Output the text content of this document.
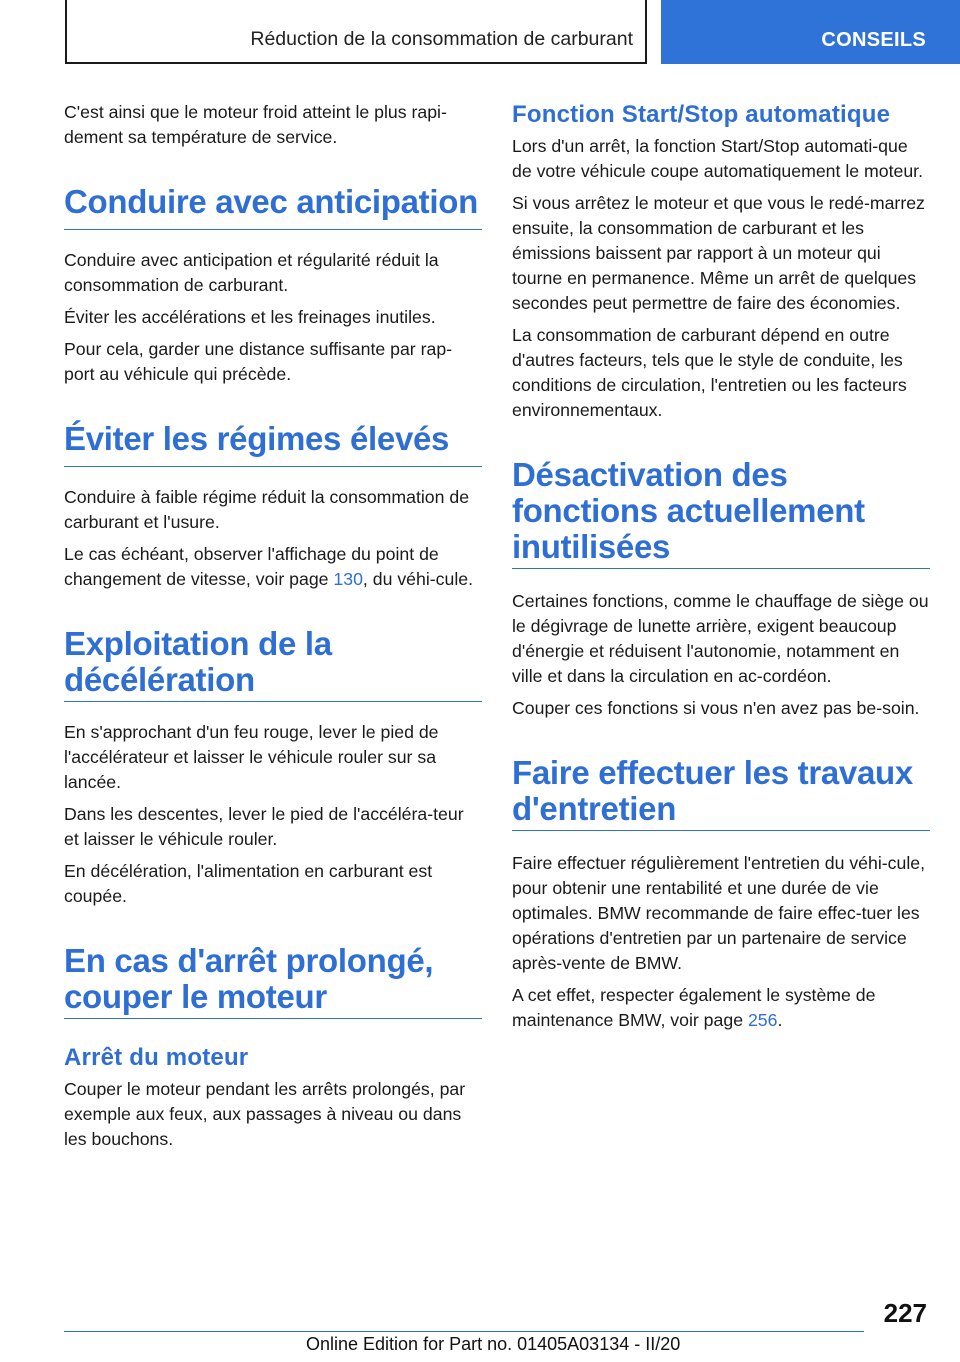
Réduction de la consommation de carburant	CONSEILS

C'est ainsi que le moteur froid atteint le plus rapi-dement sa température de service.

Conduire avec anticipation

Conduire avec anticipation et régularité réduit la consommation de carburant.

Éviter les accélérations et les freinages inutiles.

Pour cela, garder une distance suffisante par rap-port au véhicule qui précède.

Éviter les régimes élevés

Conduire à faible régime réduit la consommation de carburant et l'usure.

Le cas échéant, observer l'affichage du point de changement de vitesse, voir page 130, du véhi-cule.

Exploitation de la décélération

En s'approchant d'un feu rouge, lever le pied de l'accélérateur et laisser le véhicule rouler sur sa lancée.

Dans les descentes, lever le pied de l'accéléra-teur et laisser le véhicule rouler.

En décélération, l'alimentation en carburant est coupée.

En cas d'arrêt prolongé, couper le moteur
Arrêt du moteur

Couper le moteur pendant les arrêts prolongés, par exemple aux feux, aux passages à niveau ou dans les bouchons.

Fonction Start/Stop automatique

Lors d'un arrêt, la fonction Start/Stop automati-que de votre véhicule coupe automatiquement le moteur.

Si vous arrêtez le moteur et que vous le redé-marrez ensuite, la consommation de carburant et les émissions baissent par rapport à un moteur qui tourne en permanence. Même un arrêt de quelques secondes peut permettre de faire des économies.

La consommation de carburant dépend en outre d'autres facteurs, tels que le style de conduite, les conditions de circulation, l'entretien ou les facteurs environnementaux.

Désactivation des fonctions actuellement inutilisées

Certaines fonctions, comme le chauffage de siège ou le dégivrage de lunette arrière, exigent beaucoup d'énergie et réduisent l'autonomie, notamment en ville et dans la circulation en ac-cordéon.

Couper ces fonctions si vous n'en avez pas be-soin.

Faire effectuer les travaux d'entretien

Faire effectuer régulièrement l'entretien du véhi-cule, pour obtenir une rentabilité et une durée de vie optimales. BMW recommande de faire effec-tuer les opérations d'entretien par un partenaire de service après-vente de BMW.

A cet effet, respecter également le système de maintenance BMW, voir page 256.

227
Online Edition for Part no. 01405A03134 - II/20
